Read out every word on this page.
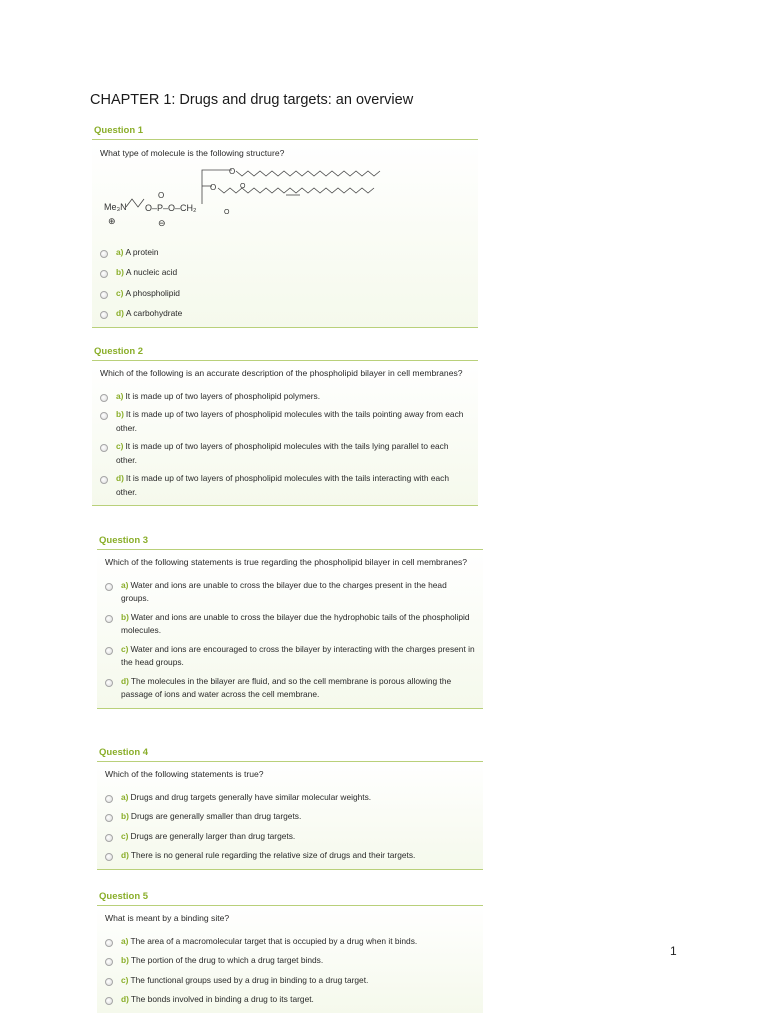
CHAPTER 1: Drugs and drug targets: an overview
Question 1

What type of molecule is the following structure?

Me₃N
⊕
O–P–O–CH₂
O
⊖
O
O	O
O
a) A protein
b) A nucleic acid
c) A phospholipid
d) A carbohydrate
Question 2

Which of the following is an accurate description of the phospholipid bilayer in cell membranes?

a) It is made up of two layers of phospholipid polymers.
b) It is made up of two layers of phospholipid molecules with the tails pointing away from each other.
c) It is made up of two layers of phospholipid molecules with the tails lying parallel to each other.
d) It is made up of two layers of phospholipid molecules with the tails interacting with each other.
Question 3

Which of the following statements is true regarding the phospholipid bilayer in cell membranes?

a) Water and ions are unable to cross the bilayer due to the charges present in the head groups.
b) Water and ions are unable to cross the bilayer due the hydrophobic tails of the phospholipid molecules.
c) Water and ions are encouraged to cross the bilayer by interacting with the charges present in the head groups.
d) The molecules in the bilayer are fluid, and so the cell membrane is porous allowing the passage of ions and water across the cell membrane.
Question 4

Which of the following statements is true?

a) Drugs and drug targets generally have similar molecular weights.
b) Drugs are generally smaller than drug targets.
c) Drugs are generally larger than drug targets.
d) There is no general rule regarding the relative size of drugs and their targets.
Question 5

What is meant by a binding site?

a) The area of a macromolecular target that is occupied by a drug when it binds.
b) The portion of the drug to which a drug target binds.
c) The functional groups used by a drug in binding to a drug target.
d) The bonds involved in binding a drug to its target.
1
